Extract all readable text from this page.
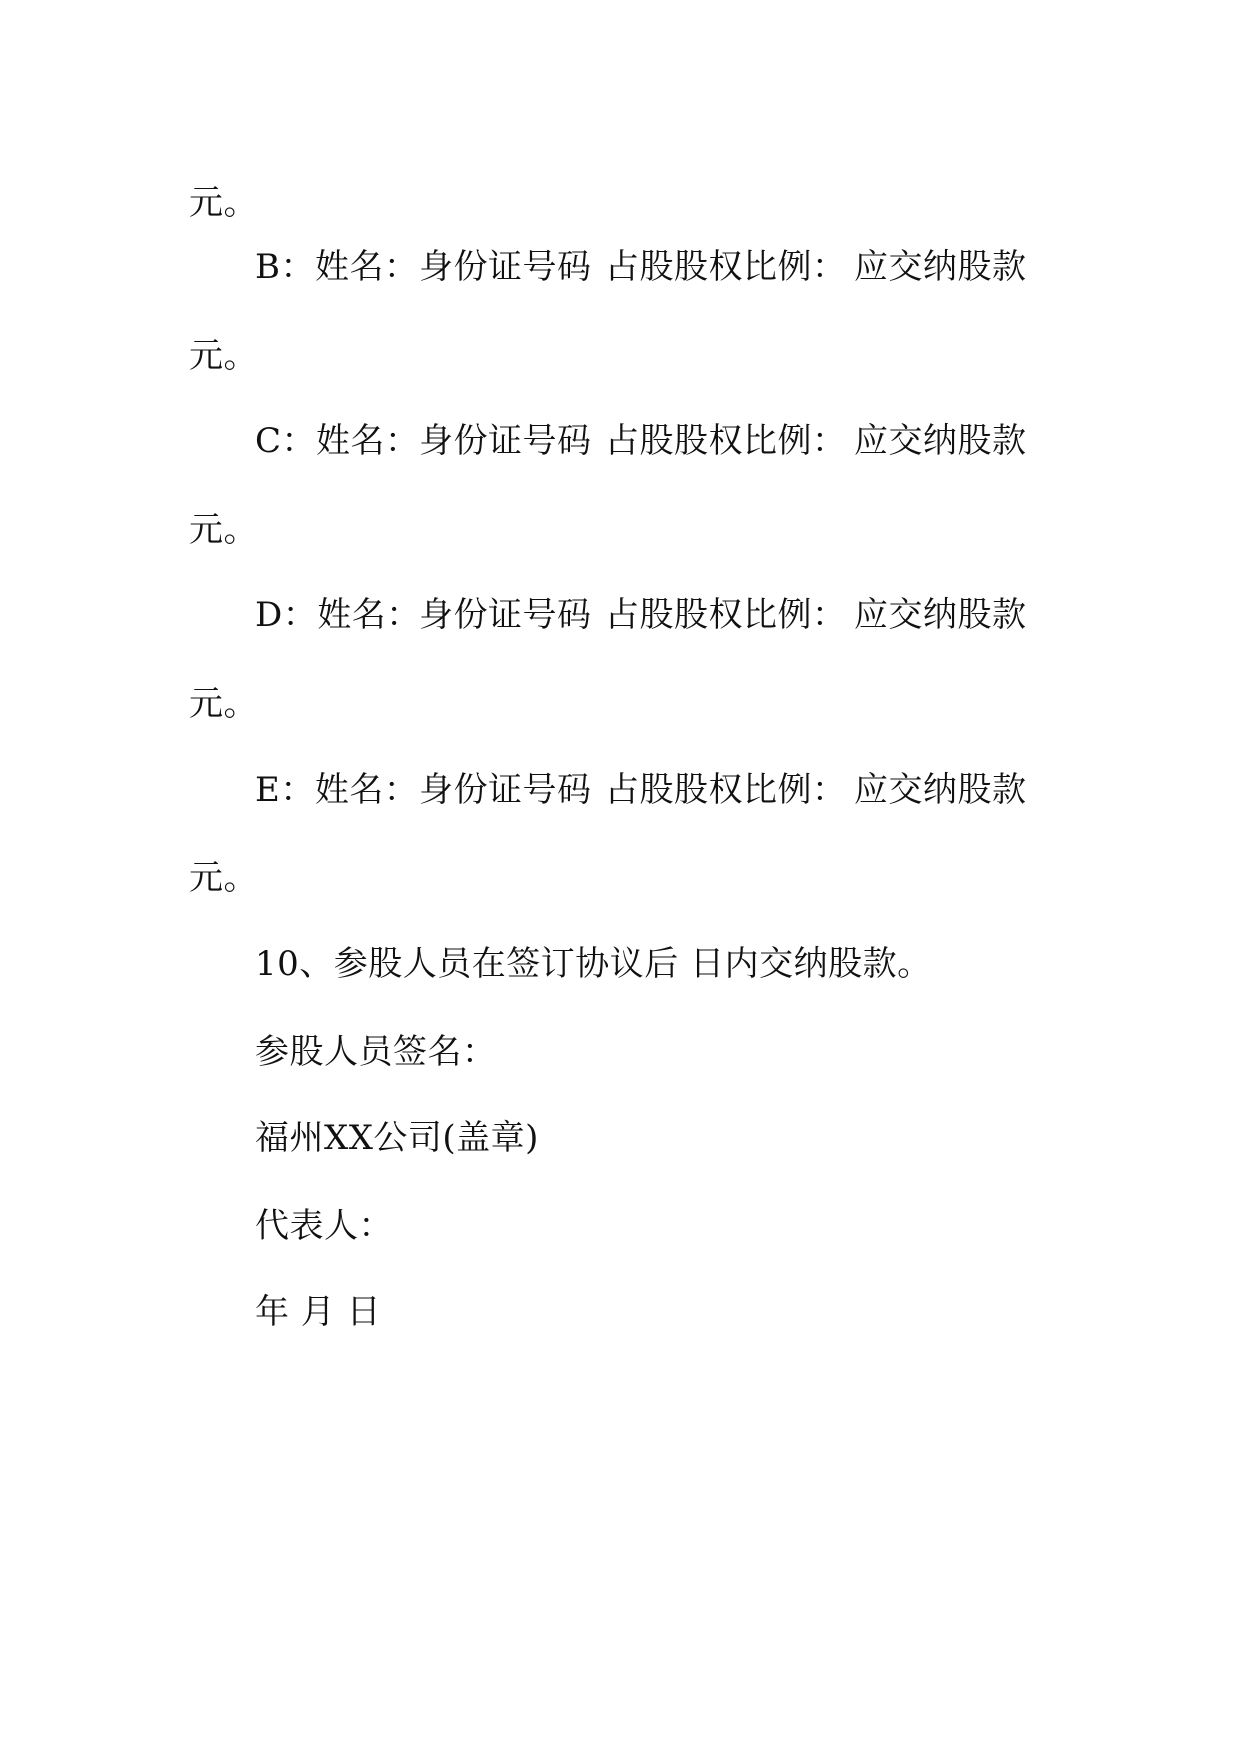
元。
B：姓名： 身份证号码 占股股权比例： 应交纳股款
元。
C：姓名： 身份证号码 占股股权比例： 应交纳股款
元。
D：姓名：
身份证号码 占股股权比例： 应交纳股款
元。
E：姓名： 身份证号码 占股股权比例： 应交纳股款
元。
10、参股人员在签订协议后 日内交纳股款。
参股人员签名：
福州XX公司(盖章)
代表人：
年 月 日
